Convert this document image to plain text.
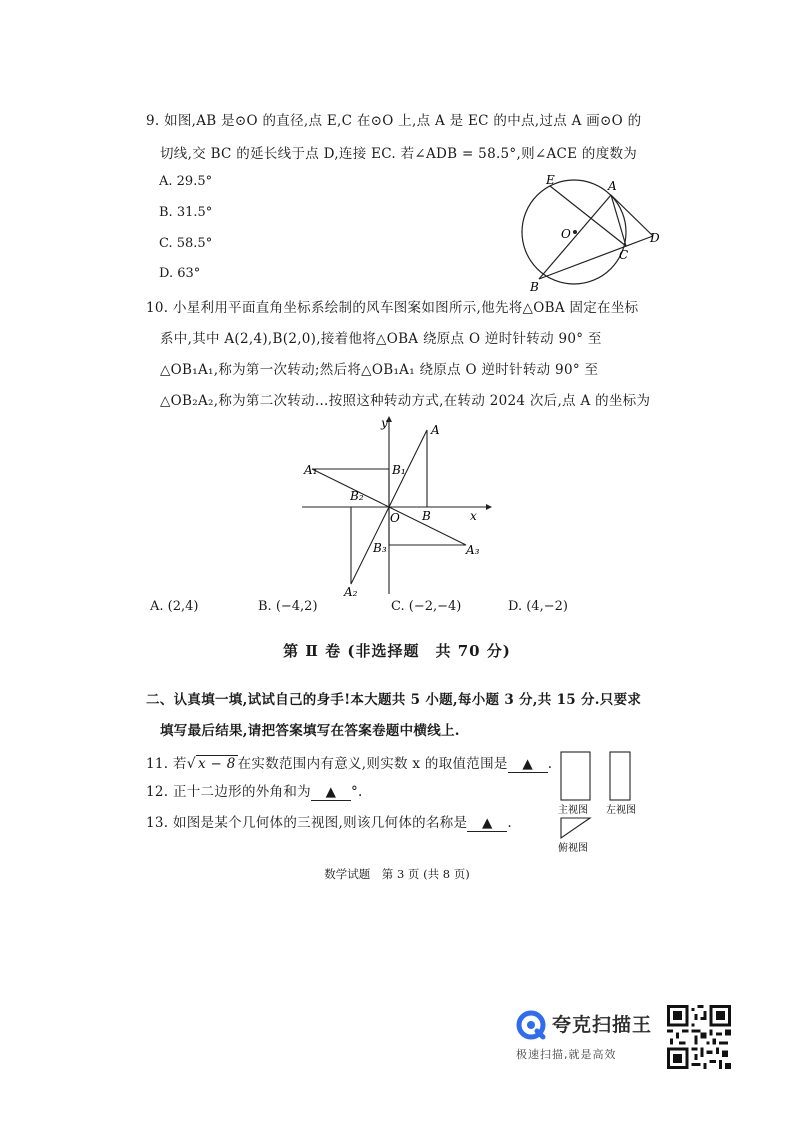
9. 如图,AB 是⊙O 的直径,点 E,C 在⊙O 上,点 A 是 EC 的中点,过点 A 画⊙O 的
切线,交 BC 的延长线于点 D,连接 EC. 若∠ADB = 58.5°,则∠ACE 的度数为
A. 29.5°
B. 31.5°
C. 58.5°
D. 63°
E	A
O	D
C
B
10. 小星利用平面直角坐标系绘制的风车图案如图所示,他先将△OBA 固定在坐标
系中,其中 A(2,4),B(2,0),接着他将△OBA 绕原点 O 逆时针转动 90° 至
△OB₁A₁,称为第一次转动;然后将△OB₁A₁ 绕原点 O 逆时针转动 90° 至
△OB₂A₂,称为第二次转动…按照这种转动方式,在转动 2024 次后,点 A 的坐标为
y
x
O
A
B
A₁	B₁
B₂
A₂
B₃	A₃
A. (2,4)	B. (−4,2)	C. (−2,−4)	D. (4,−2)
第 Ⅱ 卷 (非选择题　共 70 分)
二、认真填一填,试试自己的身手!本大题共 5 小题,每小题 3 分,共 15 分.只要求
填写最后结果,请把答案填写在答案卷题中横线上.
11. 若√ x − 8 在实数范围内有意义,则实数 x 的取值范围是 ▲ .
12. 正十二边形的外角和为 ▲ °.
13. 如图是某个几何体的三视图,则该几何体的名称是 ▲ .
主视图 左视图
俯视图
数学试题　第 3 页 (共 8 页)
夸克扫描王
极速扫描,就是高效
